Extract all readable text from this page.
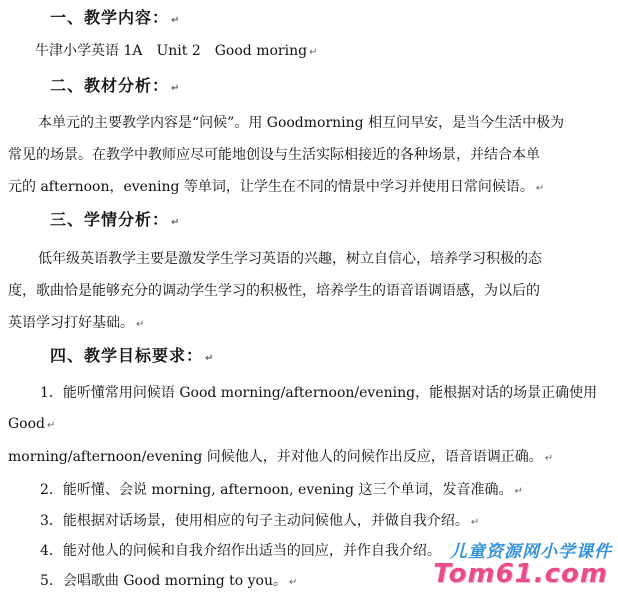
一、教学内容： ↵
牛津小学英语 1A　Unit 2　Good moring ↵
二、教材分析： ↵
本单元的主要教学内容是“问候”。用 Goodmorning 相互问早安，是当今生活中极为
常见的场景。在教学中教师应尽可能地创设与生活实际相接近的各种场景，并结合本单
元的 afternoon，evening 等单词，让学生在不同的情景中学习并使用日常问候语。 ↵
三、学情分析： ↵
低年级英语教学主要是激发学生学习英语的兴趣，树立自信心，培养学习积极的态
度，歌曲恰是能够充分的调动学生学习的积极性，培养学生的语音语调语感，为以后的
英语学习打好基础。 ↵
四、教学目标要求： ↵
1．能听懂常用问候语 Good morning/afternoon/evening，能根据对话的场景正确使用
Good ↵
morning/afternoon/evening 问候他人，并对他人的问候作出反应，语音语调正确。 ↵
2．能听懂、会说 morning, afternoon, evening 这三个单词，发音准确。 ↵
3．能根据对话场景，使用相应的句子主动问候他人，并做自我介绍。 ↵
4．能对他人的问候和自我介绍作出适当的回应，并作自我介绍。
5．会唱歌曲 Good morning to you。 ↵
儿童资源网小学课件
Tom61.com
